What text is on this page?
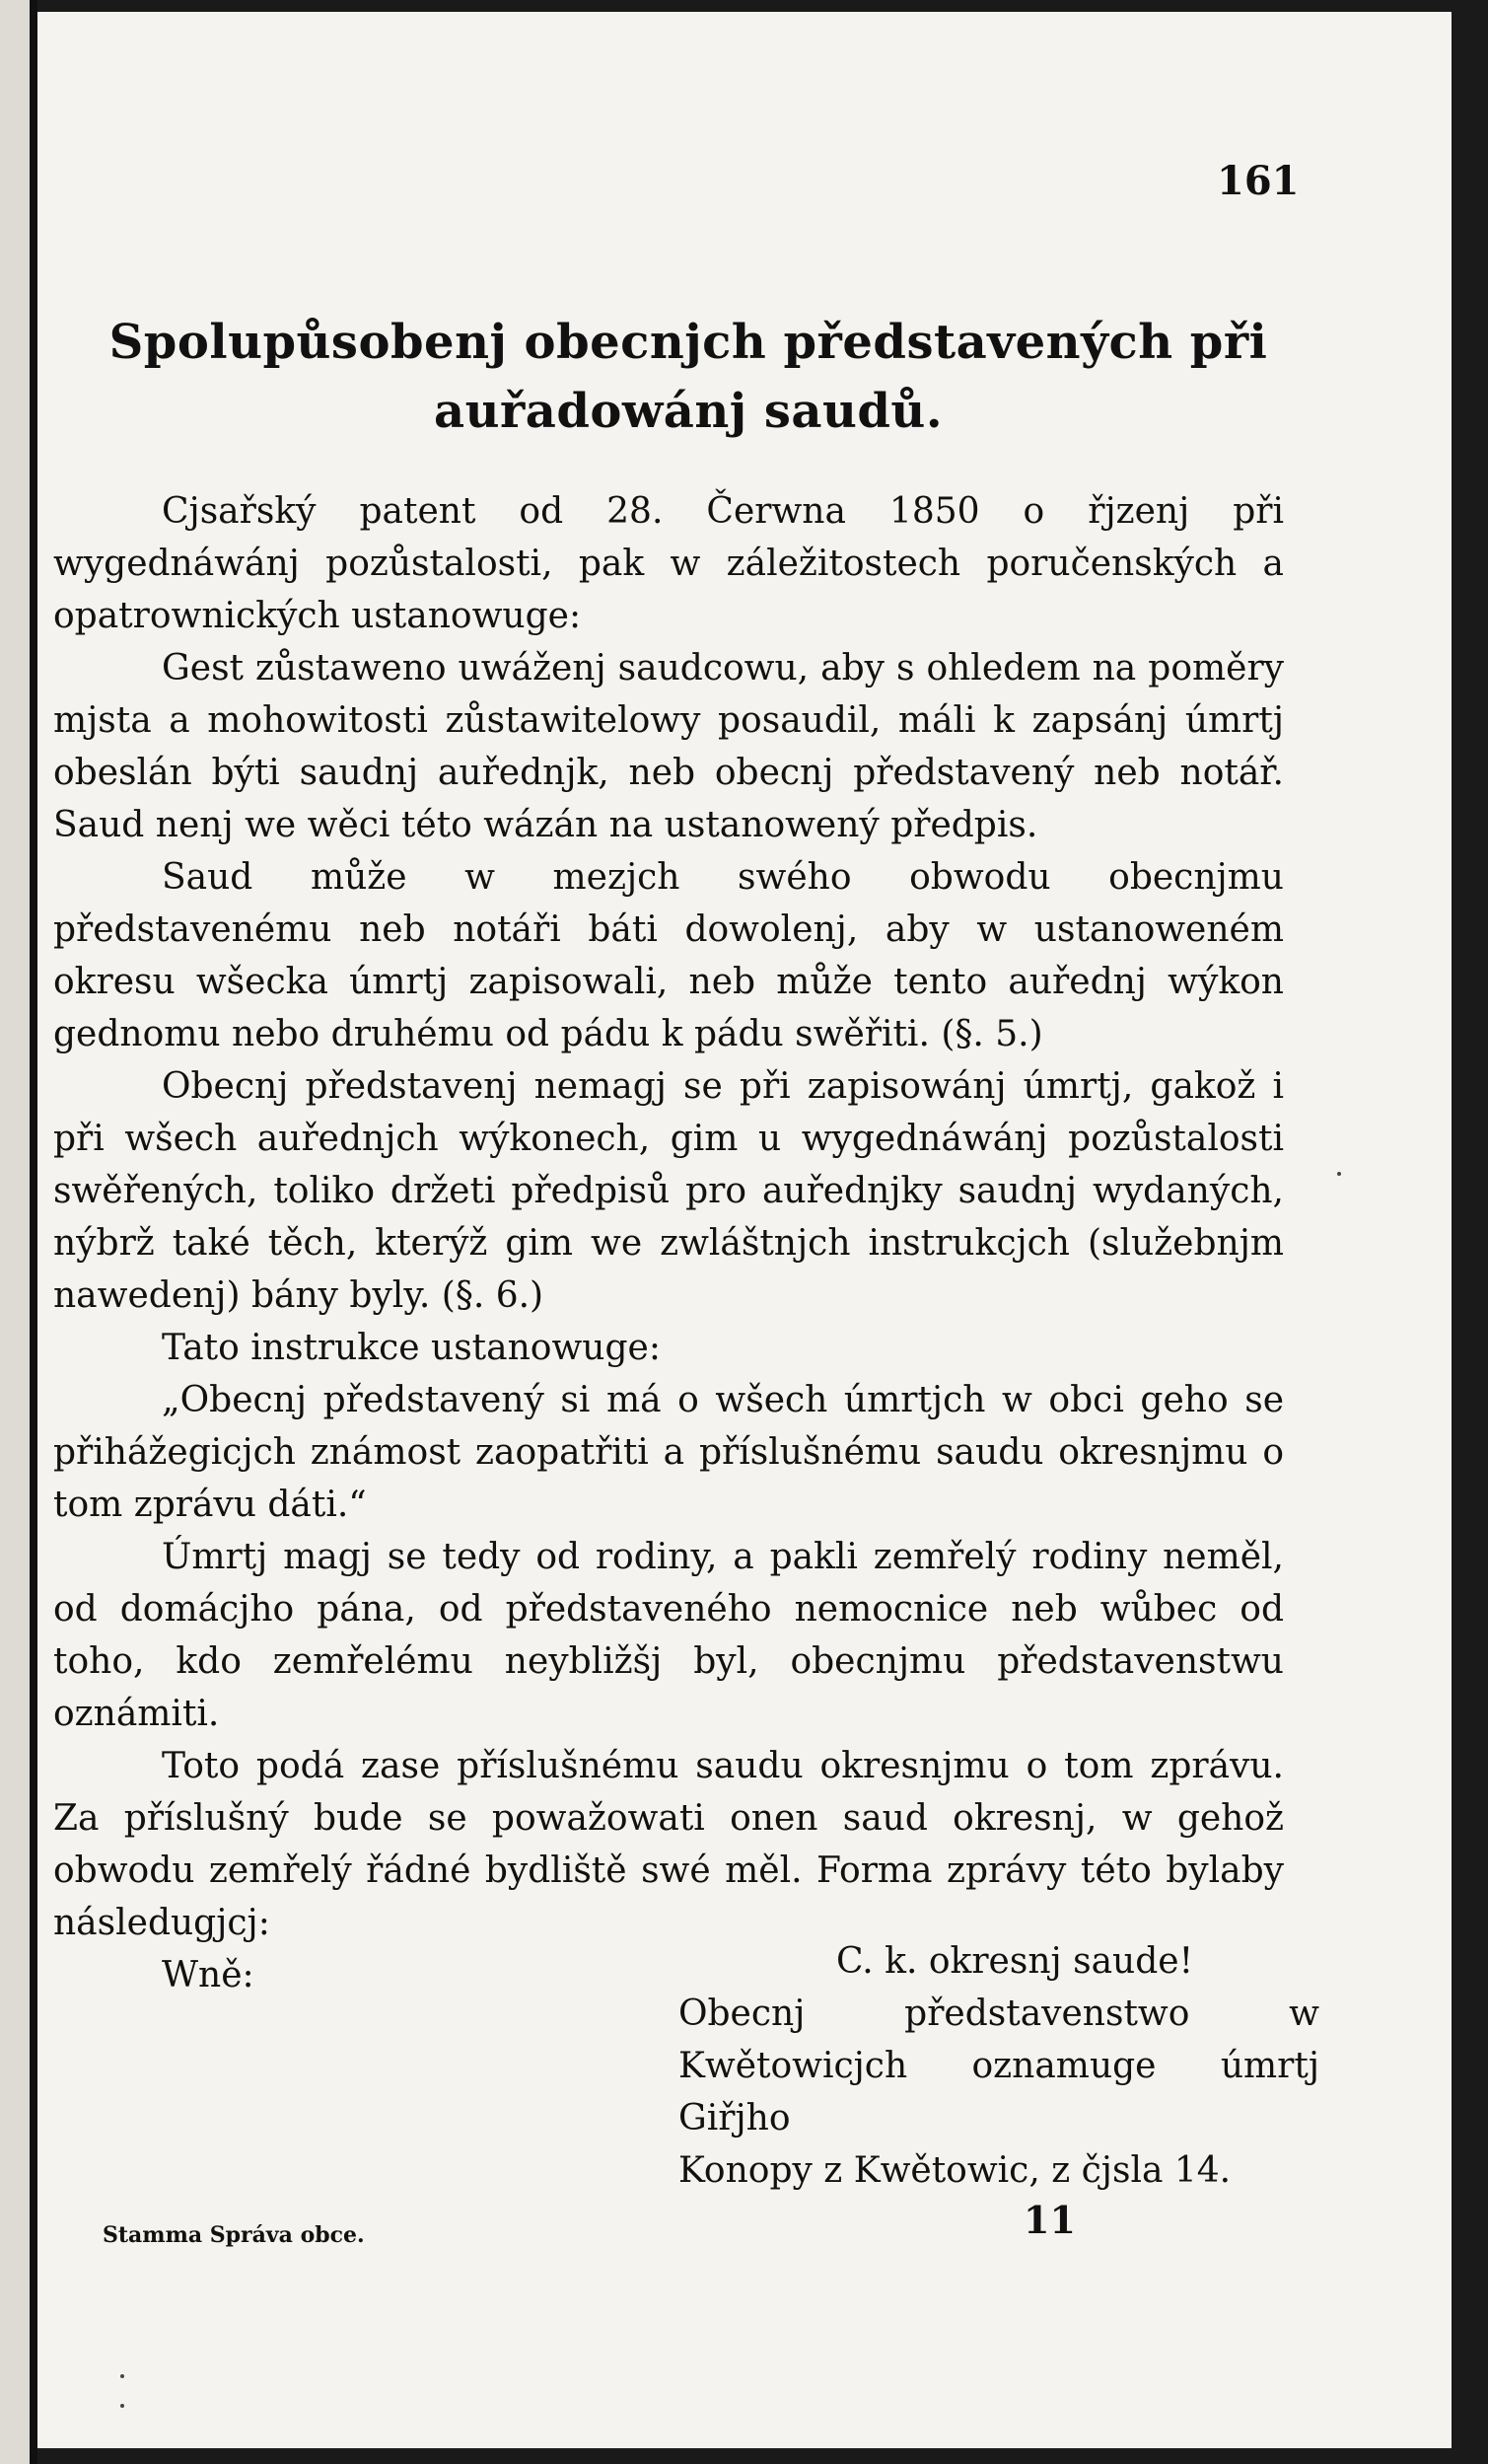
161
Spolupůsobenj obecnjch představených při auřadowánj saudů.

Cjsařský patent od 28. Čerwna 1850 o řjzenj při wygednáwánj pozůstalosti, pak w záležitostech poručenských a opatrownických ustanowuge:

Gest zůstaweno uwáženj saudcowu, aby s ohledem na poměry mjsta a mohowitosti zůstawitelowy posaudil, máli k zapsánj úmrtj obeslán býti saudnj auřednjk, neb obecnj představený neb notář. Saud nenj we wěci této wázán na ustanowený předpis.

Saud může w mezjch swého obwodu obecnjmu představenému neb notáři báti dowolenj, aby w ustanoweném okresu wšecka úmrtj zapisowali, neb může tento auřednj wýkon gednomu nebo druhému od pádu k pádu swěřiti. (§. 5.)

Obecnj představenj nemagj se při zapisowánj úmrtj, gakož i při wšech auřednjch wýkonech, gim u wygednáwánj pozůstalosti swěřených, toliko držeti předpisů pro auřednjky saudnj wydaných, nýbrž také těch, kterýž gim we zwláštnjch instrukcjch (služebnjm nawedenj) bány byly. (§. 6.)

Tato instrukce ustanowuge:

„Obecnj představený si má o wšech úmrtjch w obci geho se přihážegicjch známost zaopatřiti a příslušnému saudu okresnjmu o tom zprávu dáti.“

Úmrtj magj se tedy od rodiny, a pakli zemřelý rodiny neměl, od domácjho pána, od představeného nemocnice neb wůbec od toho, kdo zemřelému neybližšj byl, obecnjmu představenstwu oznámiti.

Toto podá zase příslušnému saudu okresnjmu o tom zprávu. Za příslušný bude se powažowati onen saud okresnj, w gehož obwodu zemřelý řádné bydliště swé měl. Forma zprávy této bylaby následugjcj:

Wně:	C. k. okresnj saude!
Obecnj představenstwo w Kwětowicjch oznamuge úmrtj Giřjho
Konopy z Kwětowic, z čjsla 14.
Stamma Správa obce.	11
